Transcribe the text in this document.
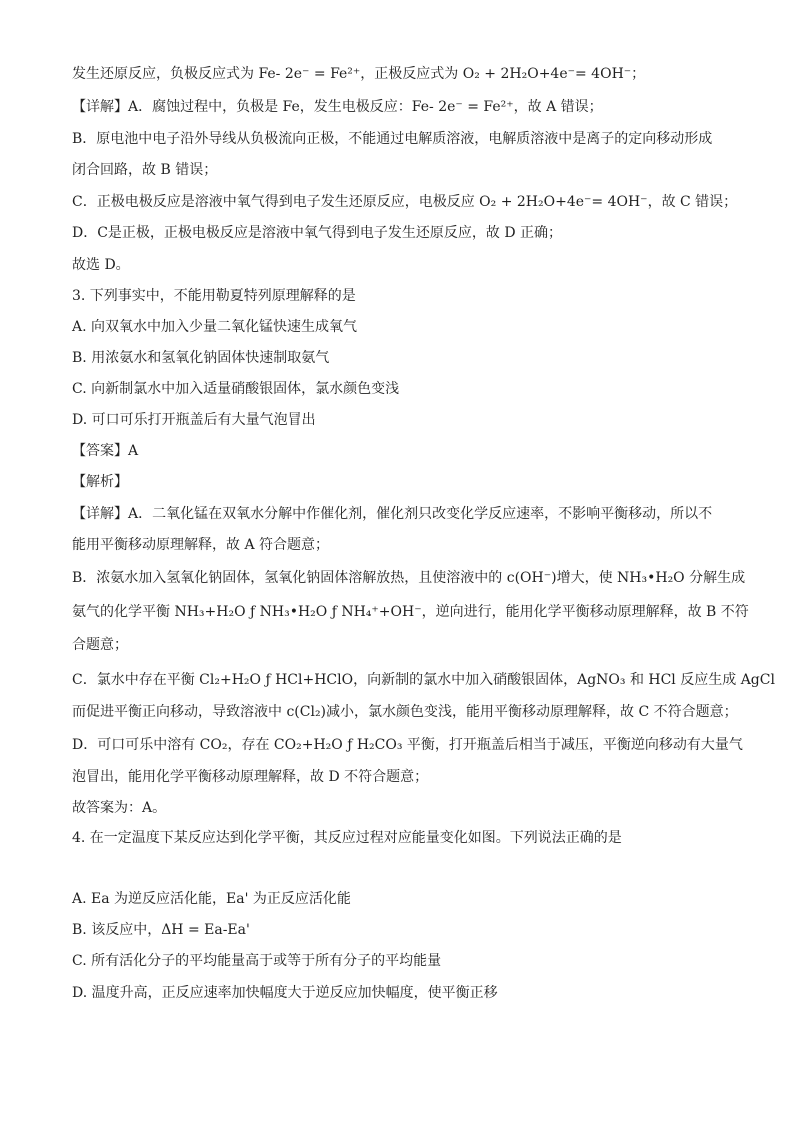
发生还原反应，负极反应式为 Fe- 2e⁻ = Fe²⁺，正极反应式为 O₂ + 2H₂O+4e⁻= 4OH⁻；
【详解】A．腐蚀过程中，负极是 Fe，发生电极反应：Fe- 2e⁻ = Fe²⁺，故 A 错误；
B．原电池中电子沿外导线从负极流向正极，不能通过电解质溶液，电解质溶液中是离子的定向移动形成
闭合回路，故 B 错误；
C．正极电极反应是溶液中氧气得到电子发生还原反应，电极反应 O₂ + 2H₂O+4e⁻= 4OH⁻，故 C 错误；
D．C是正极，正极电极反应是溶液中氧气得到电子发生还原反应，故 D 正确；
故选 D。
3. 下列事实中，不能用勒夏特列原理解释的是
A. 向双氧水中加入少量二氧化锰快速生成氧气
B. 用浓氨水和氢氧化钠固体快速制取氨气
C. 向新制氯水中加入适量硝酸银固体，氯水颜色变浅
D. 可口可乐打开瓶盖后有大量气泡冒出
【答案】A
【解析】
【详解】A．二氧化锰在双氧水分解中作催化剂，催化剂只改变化学反应速率，不影响平衡移动，所以不
能用平衡移动原理解释，故 A 符合题意；
B．浓氨水加入氢氧化钠固体，氢氧化钠固体溶解放热，且使溶液中的 c(OH⁻)增大，使 NH₃•H₂O 分解生成
氨气的化学平衡 NH₃+H₂O ƒ NH₃•H₂O ƒ NH₄⁺+OH⁻，逆向进行，能用化学平衡移动原理解释，故 B 不符
合题意；
C．氯水中存在平衡 Cl₂+H₂O ƒ HCl+HClO，向新制的氯水中加入硝酸银固体，AgNO₃ 和 HCl 反应生成 AgCl
而促进平衡正向移动，导致溶液中 c(Cl₂)减小，氯水颜色变浅，能用平衡移动原理解释，故 C 不符合题意；
D．可口可乐中溶有 CO₂，存在 CO₂+H₂O ƒ H₂CO₃ 平衡，打开瓶盖后相当于减压，平衡逆向移动有大量气
泡冒出，能用化学平衡移动原理解释，故 D 不符合题意；
故答案为：A。
4. 在一定温度下某反应达到化学平衡，其反应过程对应能量变化如图。下列说法正确的是
A. Ea 为逆反应活化能，Ea' 为正反应活化能
B. 该反应中，ΔH = Ea-Ea'
C. 所有活化分子的平均能量高于或等于所有分子的平均能量
D. 温度升高，正反应速率加快幅度大于逆反应加快幅度，使平衡正移
